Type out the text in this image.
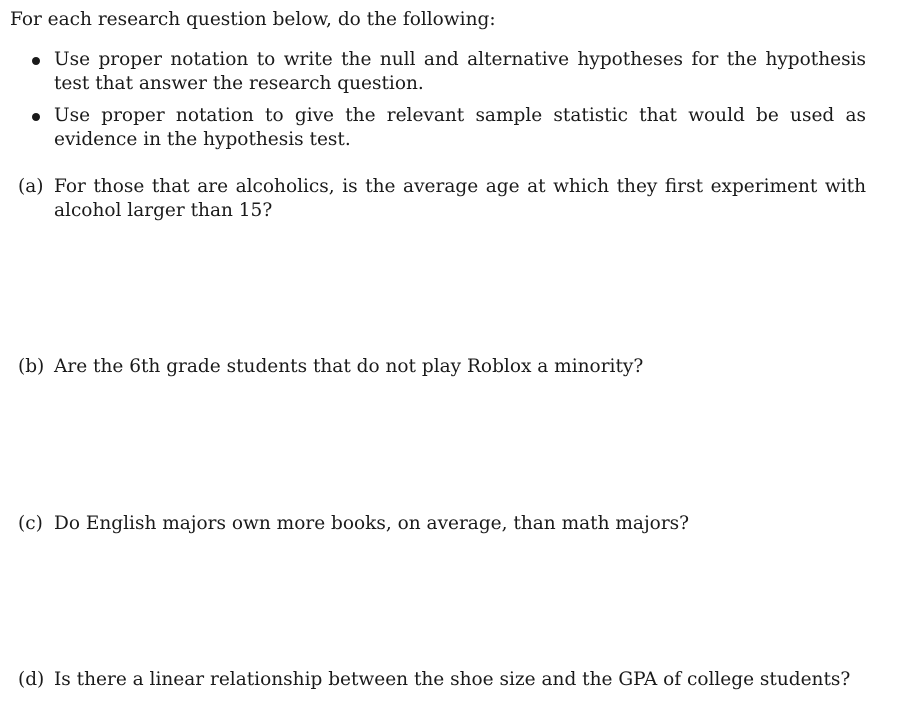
For each research question below, do the following:
Use proper notation to write the null and alternative hypotheses for the hypothesis test that answer the research question.
Use proper notation to give the relevant sample statistic that would be used as evidence in the hypothesis test.
(a) For those that are alcoholics, is the average age at which they first experiment with alcohol larger than 15?
(b) Are the 6th grade students that do not play Roblox a minority?
(c) Do English majors own more books, on average, than math majors?
(d) Is there a linear relationship between the shoe size and the GPA of college students?
